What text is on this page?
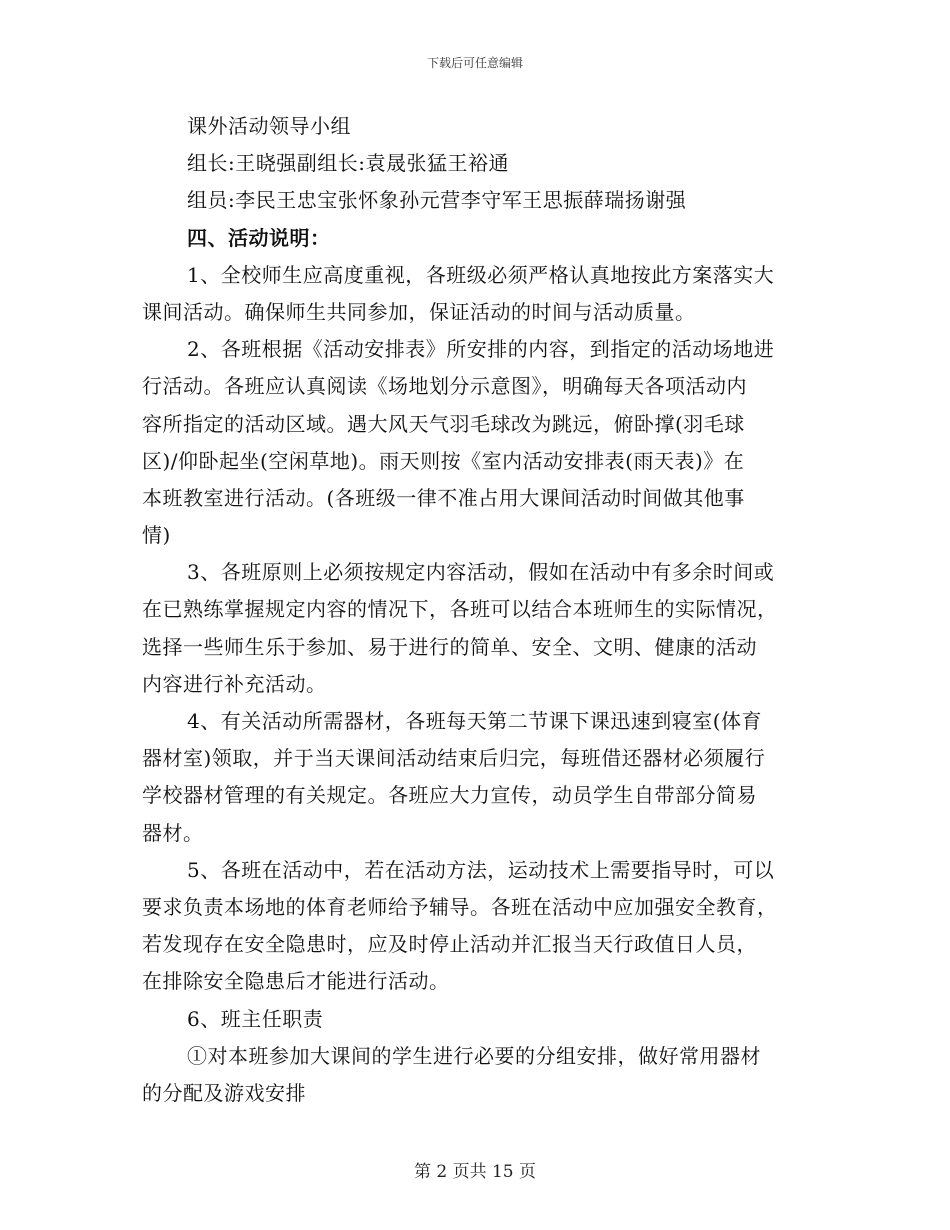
下载后可任意编辑
课外活动领导小组
组长:王晓强副组长:袁晟张猛王裕通
组员:李民王忠宝张怀象孙元营李守军王思振薛瑞扬谢强
四、活动说明：
1、全校师生应高度重视，各班级必须严格认真地按此方案落实大
课间活动。确保师生共同参加，保证活动的时间与活动质量。
2、各班根据《活动安排表》所安排的内容，到指定的活动场地进
行活动。各班应认真阅读《场地划分示意图》，明确每天各项活动内
容所指定的活动区域。遇大风天气羽毛球改为跳远，俯卧撑(羽毛球
区)/仰卧起坐(空闲草地)。雨天则按《室内活动安排表(雨天表)》在
本班教室进行活动。(各班级一律不准占用大课间活动时间做其他事
情)
3、各班原则上必须按规定内容活动，假如在活动中有多余时间或
在已熟练掌握规定内容的情况下，各班可以结合本班师生的实际情况，
选择一些师生乐于参加、易于进行的简单、安全、文明、健康的活动
内容进行补充活动。
4、有关活动所需器材，各班每天第二节课下课迅速到寝室(体育
器材室)领取，并于当天课间活动结束后归完，每班借还器材必须履行
学校器材管理的有关规定。各班应大力宣传，动员学生自带部分简易
器材。
5、各班在活动中，若在活动方法，运动技术上需要指导时，可以
要求负责本场地的体育老师给予辅导。各班在活动中应加强安全教育，
若发现存在安全隐患时，应及时停止活动并汇报当天行政值日人员，
在排除安全隐患后才能进行活动。
6、班主任职责
①对本班参加大课间的学生进行必要的分组安排，做好常用器材
的分配及游戏安排
第 2 页共 15 页
